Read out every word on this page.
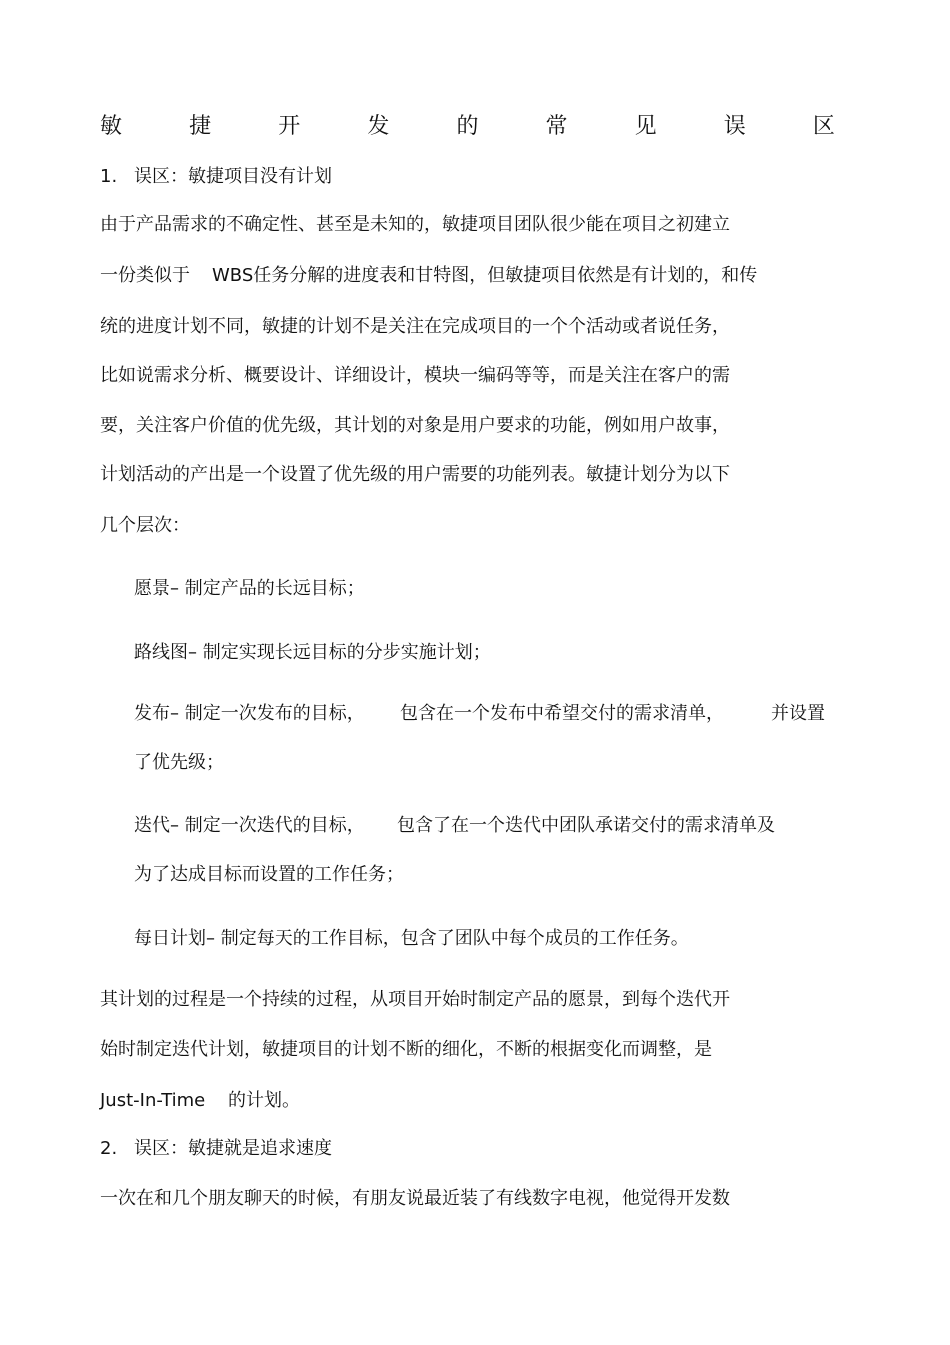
敏	捷	开	发	的	常	见	误	区
1. 误区：敏捷项目没有计划
由于产品需求的不确定性、甚至是未知的，敏捷项目团队很少能在项目之初建立
一份类似于 WBS任务分解的进度表和甘特图，但敏捷项目依然是有计划的，和传
统的进度计划不同，敏捷的计划不是关注在完成项目的一个个活动或者说任务，
比如说需求分析、概要设计、详细设计，模块一编码等等，而是关注在客户的需
要，关注客户价值的优先级，其计划的对象是用户要求的功能，例如用户故事，
计划活动的产出是一个设置了优先级的用户需要的功能列表。敏捷计划分为以下
几个层次：
愿景– 制定产品的长远目标；
路线图– 制定实现长远目标的分步实施计划；
发布– 制定一次发布的目标， 包含在一个发布中希望交付的需求清单，	并设置
了优先级；
迭代– 制定一次迭代的目标， 包含了在一个迭代中团队承诺交付的需求清单及
为了达成目标而设置的工作任务；
每日计划– 制定每天的工作目标，包含了团队中每个成员的工作任务。
其计划的过程是一个持续的过程，从项目开始时制定产品的愿景，到每个迭代开
始时制定迭代计划，敏捷项目的计划不断的细化，不断的根据变化而调整，是
Just-In-Time 的计划。
2. 误区：敏捷就是追求速度
一次在和几个朋友聊天的时候，有朋友说最近装了有线数字电视，他觉得开发数
